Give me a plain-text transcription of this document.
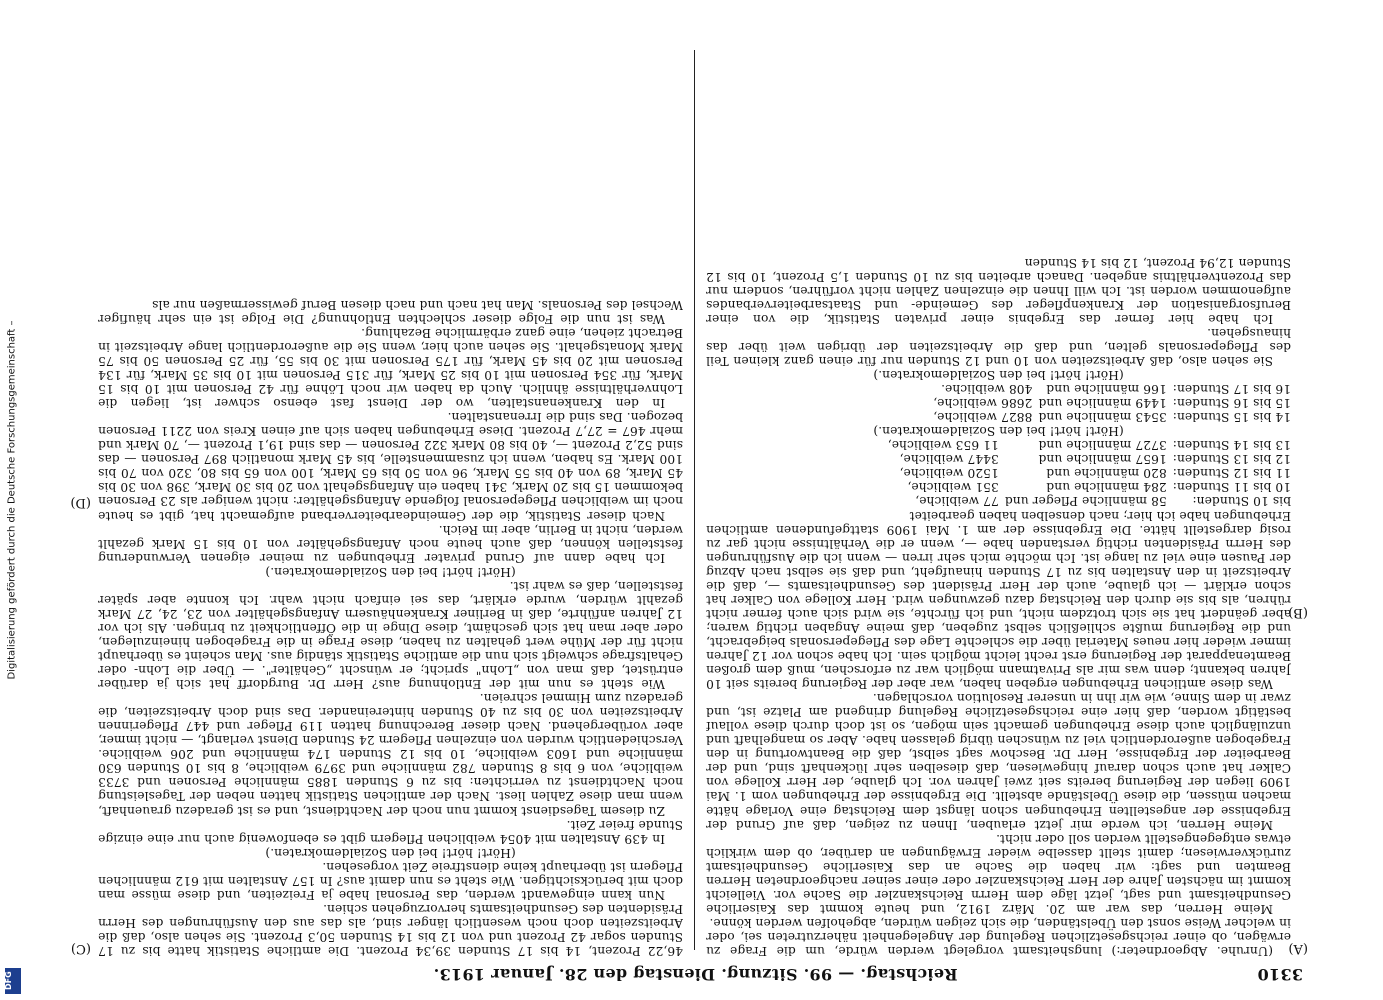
3310
Reichstag. — 99. Sitzung. Dienstag den 28. Januar 1913.
(A)
(B)
(C)
(D)

(Unruhe. Abgeordneter:) lungsheitsamt vorgelegt werden würde, um die Frage zu erwägen, ob einer reichsgesetzlichen Regelung der Angelegenheit näherzutreten sei, oder in welcher Weise sonst den Übelständen, die sich zeigen würden, abgeholfen werden könne.

Meine Herren, das war am 20. März 1912, und heute kommt das Kaiserliche Gesundheitsamt und sagt, jetzt läge dem Herrn Reichskanzler die Sache vor. Vielleicht kommt im nächsten Jahre der Herr Reichskanzler oder einer seiner nachgeordneten Herren Beamten und sagt: wir haben die Sache an das Kaiserliche Gesundheitsamt zurückverwiesen; damit stellt dasselbe wieder Erwägungen an darüber, ob dem wirklich etwas entgegengestellt werden soll oder nicht.

Meine Herren, ich werde mir jetzt erlauben, Ihnen zu zeigen, daß auf Grund der Ergebnisse der angestellten Erhebungen schon längst dem Reichstag eine Vorlage hätte machen müssen, die diese Übelstände abstellt. Die Ergebnisse der Erhebungen vom 1. Mai 1909 liegen der Regierung bereits seit zwei Jahren vor. Ich glaube, der Herr Kollege von Calker hat auch schon darauf hingewiesen, daß dieselben sehr lückenhaft sind, und der Bearbeiter der Ergebnisse, Herr Dr. Beschow sagt selbst, daß die Beantwortung in den Fragebogen außerordentlich viel zu wünschen übrig gelassen habe. Aber so mangelhaft und unzulänglich auch diese Erhebungen gemacht sein mögen, so ist doch durch diese vollauf bestätigt worden, daß hier eine reichsgesetzliche Regelung dringend am Platze ist, und zwar in dem Sinne, wie wir ihn in unserer Resolution vorschlagen.

Was diese amtlichen Erhebungen ergeben haben, war aber der Regierung bereits seit 10 Jahren bekannt; denn was mir als Privatmann möglich war zu erforschen, muß dem großen Beamtenapparat der Regierung erst recht leicht möglich sein. Ich habe schon vor 12 Jahren immer wieder hier neues Material über die schlechte Lage des Pflegepersonals beigebracht, und die Regierung mußte schließlich selbst zugeben, daß meine Angaben richtig waren; aber geändert hat sie sich trotzdem nicht, und ich fürchte, sie wird sich auch ferner nicht rühren, als bis sie durch den Reichstag dazu gezwungen wird. Herr Kollege von Calker hat schon erklärt — ich glaube, auch der Herr Präsident des Gesundheitsamts —, daß die Arbeitszeit in den Anstalten bis zu 17 Stunden hinaufgeht, und daß sie selbst nach Abzug der Pausen eine viel zu lange ist. Ich möchte mich sehr irren — wenn ich die Ausführungen des Herrn Präsidenten richtig verstanden habe —, wenn er die Verhältnisse nicht gar zu rosig dargestellt hätte. Die Ergebnisse der am 1. Mai 1909 stattgefundenen amtlichen Erhebungen habe ich hier; nach denselben haben gearbeitet

bis 10 Stunden:	58 männliche Pfleger und	77 weibliche,
10 bis 11 Stunden:	284 männliche und	351 weibliche,
11 bis 12 Stunden:	820 männliche und	1520 weibliche,
12 bis 13 Stunden:	1657 männliche und	3447 weibliche,
13 bis 14 Stunden:	3727 männliche und	11 653 weibliche,

(Hört! hört! bei den Sozialdemokraten.)

14 bis 15 Stunden:	3543 männliche und	8827 weibliche,
15 bis 16 Stunden:	1449 männliche und	2686 weibliche,
16 bis 17 Stunden:	166 männliche und	408 weibliche.

(Hört! hört! bei den Sozialdemokraten.)

Sie sehen also, daß Arbeitszeiten von 10 und 12 Stunden nur für einen ganz kleinen Teil des Pflegepersonals gelten, und daß die Arbeitszeiten der übrigen weit über das hinausgehen.

Ich habe hier ferner das Ergebnis einer privaten Statistik, die von einer Berufsorganisation der Krankenpfleger des Gemeinde- und Staatsarbeiterverbandes aufgenommen worden ist. Ich will Ihnen die einzelnen Zahlen nicht vorführen, sondern nur das Prozentverhältnis angeben. Danach arbeiten bis zu 10 Stunden 1,5 Prozent, 10 bis 12 Stunden 12,94 Prozent, 12 bis 14 Stunden

46,22 Prozent, 14 bis 17 Stunden 39,34 Prozent. Die amtliche Statistik hatte bis zu 17 Stunden sogar 42 Prozent und von 12 bis 14 Stunden 50,3 Prozent. Sie sehen also, daß die Arbeitszeiten doch noch wesentlich länger sind, als das aus den Ausführungen des Herrn Präsidenten des Gesundheitsamts hervorzugehen schien.

Nun kann eingewandt werden, das Personal habe ja Freizeiten, und diese müsse man doch mit berücksichtigen. Wie steht es nun damit aus? In 157 Anstalten mit 612 männlichen Pflegern ist überhaupt keine dienstfreie Zeit vorgesehen.

(Hört! hört! bei den Sozialdemokraten.)

In 439 Anstalten mit 4054 weiblichen Pflegern gibt es ebenfowenig auch nur eine einzige Stunde freier Zeit.

Zu diesem Tagesdienst kommt nun noch der Nachtdienst, und es ist geradezu grauenhaft, wenn man diese Zahlen liest. Nach der amtlichen Statistik hatten neben der Tagesleistung noch Nachtdienst zu verrichten: bis zu 6 Stunden 1885 männliche Personen und 3733 weibliche, von 6 bis 8 Stunden 782 männliche und 3979 weibliche, 8 bis 10 Stunden 630 männliche und 1603 weibliche, 10 bis 12 Stunden 174 männliche und 206 weibliche. Verschiedentlich wurden von einzelnen Pflegern 24 Stunden Dienst verlangt, — nicht immer, aber vorübergehend. Nach dieser Berechnung hatten 119 Pfleger und 447 Pflegerinnen Arbeitszeiten von 30 bis zu 40 Stunden hintereinander. Das sind doch Arbeitszeiten, die geradezu zum Himmel schreien.

Wie steht es nun mit der Entlohnung aus? Herr Dr. Burgdorff hat sich ja darüber entrüstet, daß man von „Lohn" spricht; er wünscht „Gehälter". — Über die Lohn- oder Gehaltsfrage schweigt sich nun die amtliche Statistik ständig aus. Man scheint es überhaupt nicht für der Mühe wert gehalten zu haben, diese Frage in die Fragebogen hineinzulegen, oder aber man hat sich geschämt, diese Dinge in die Öffentlichkeit zu bringen. Als ich vor 12 Jahren anführte, daß in Berliner Krankenhäusern Anfangsgehälter von 23, 24, 27 Mark gezahlt würden, wurde erklärt, das sei einfach nicht wahr. Ich konnte aber später feststellen, daß es wahr ist.

(Hört! hört! bei den Sozialdemokraten.)

Ich habe dann auf Grund privater Erhebungen zu meiner eigenen Verwunderung feststellen können, daß auch heute noch Anfangsgehälter von 10 bis 15 Mark gezahlt werden, nicht in Berlin, aber im Reich.

Nach dieser Statistik, die der Gemeindearbeiterverband aufgemacht hat, gibt es heute noch im weiblichen Pflegepersonal folgende Anfangsgehälter: nicht weniger als 23 Personen bekommen 15 bis 20 Mark, 341 haben ein Anfangsgehalt von 20 bis 30 Mark, 398 von 30 bis 45 Mark, 89 von 40 bis 55 Mark, 96 von 50 bis 65 Mark, 100 von 65 bis 80, 320 von 70 bis 100 Mark. Es haben, wenn ich zusammenstelle, bis 45 Mark monatlich 897 Personen — das sind 52,2 Prozent —, 40 bis 80 Mark 322 Personen — das sind 19,1 Prozent —, 70 Mark und mehr 467 = 27,7 Prozent. Diese Erhebungen haben sich auf einen Kreis von 2211 Personen bezogen. Das sind die Irrenanstalten.

In den Krankenanstalten, wo der Dienst fast ebenso schwer ist, liegen die Lohnverhältnisse ähnlich. Auch da haben wir noch Löhne für 42 Personen mit 10 bis 15 Mark, für 354 Personen mit 10 bis 25 Mark, für 315 Personen mit 10 bis 35 Mark, für 134 Personen mit 20 bis 45 Mark, für 175 Personen mit 30 bis 55, für 25 Personen 50 bis 75 Mark Monatsgehalt. Sie sehen auch hier, wenn Sie die außerordentlich lange Arbeitszeit in Betracht ziehen, eine ganz erbärmliche Bezahlung.

Was ist nun die Folge dieser schlechten Entlohnung? Die Folge ist ein sehr häufiger Wechsel des Personals. Man hat nach und nach diesen Beruf gewissermaßen nur als

Digitalisierung gefördert durch die Deutsche Forschungsgemeinschaft –
DFG
